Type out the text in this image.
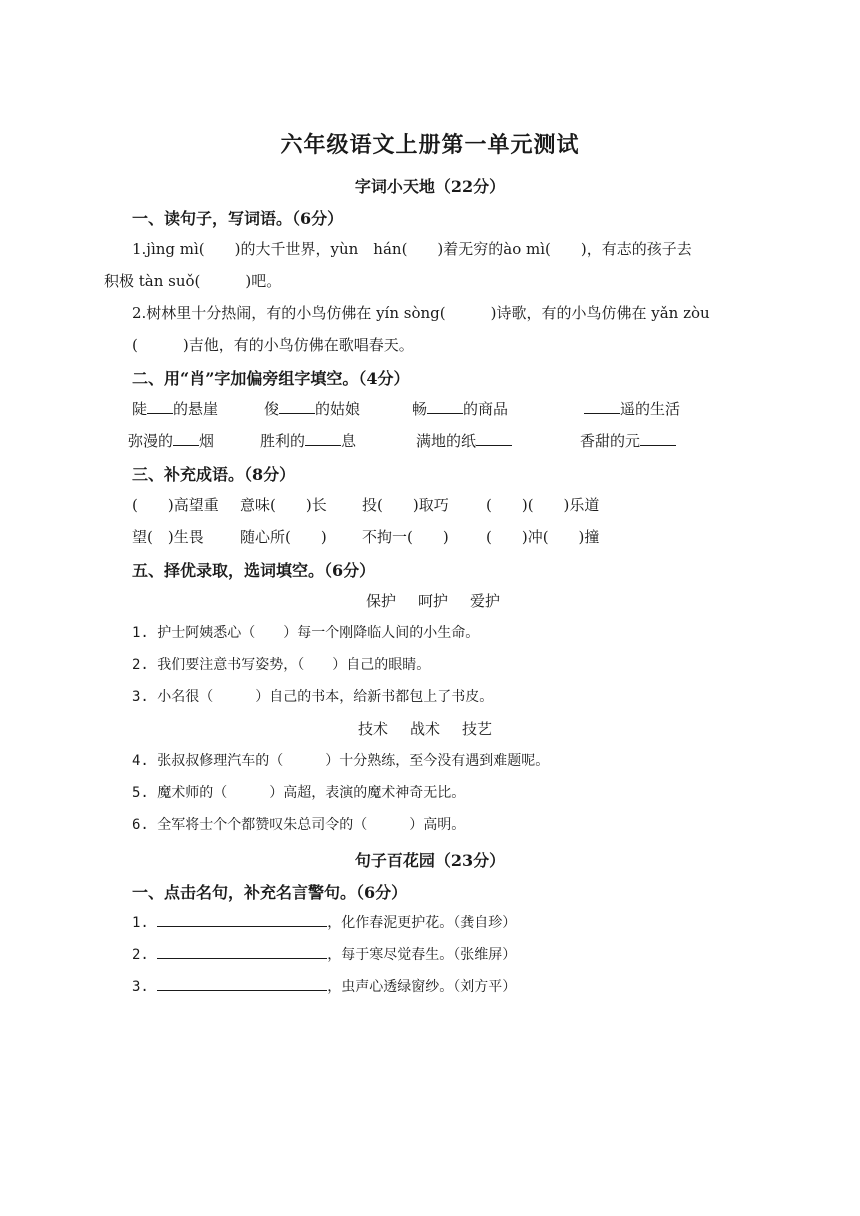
六年级语文上册第一单元测试
字词小天地（22分）
一、读句子，写词语。（6分）
1.jìng mì(　　)的大千世界，yùn　hán(　　)着无穷的ào mì(　　)，有志的孩子去
积极 tàn suǒ(　　　)吧。
2.树林里十分热闹，有的小鸟仿佛在 yín sòng(　　　)诗歌，有的小鸟仿佛在 yǎn zòu
(　　　)吉他，有的小鸟仿佛在歌唱春天。
二、用“肖”字加偏旁组字填空。（4分）
陡 的悬崖	俊 的姑娘	畅 的商品	遥的生活
弥漫的 烟	胜利的 息	满地的纸	香甜的元
三、补充成语。（8分）
(　　)高望重 意味(　　)长 投(　　)取巧 (　　)(　　)乐道
望(　)生畏 随心所(　　) 不拘一(　　) (　　)冲(　　)撞
五、择优录取，选词填空。（6分）
保护 呵护 爱护
1. 护士阿姨悉心（　　）每一个刚降临人间的小生命。
2. 我们要注意书写姿势，（　　）自己的眼睛。
3. 小名很（　　　）自己的书本，给新书都包上了书皮。
技术 战术 技艺
4. 张叔叔修理汽车的（　　　）十分熟练，至今没有遇到难题呢。
5. 魔术师的（　　　）高超，表演的魔术神奇无比。
6. 全军将士个个都赞叹朱总司令的（　　　）高明。
句子百花园（23分）
一、点击名句，补充名言警句。（6分）
1.	，化作春泥更护花。（龚自珍）
2.	，每于寒尽觉春生。（张维屏）
3.	，虫声心透绿窗纱。（刘方平）
